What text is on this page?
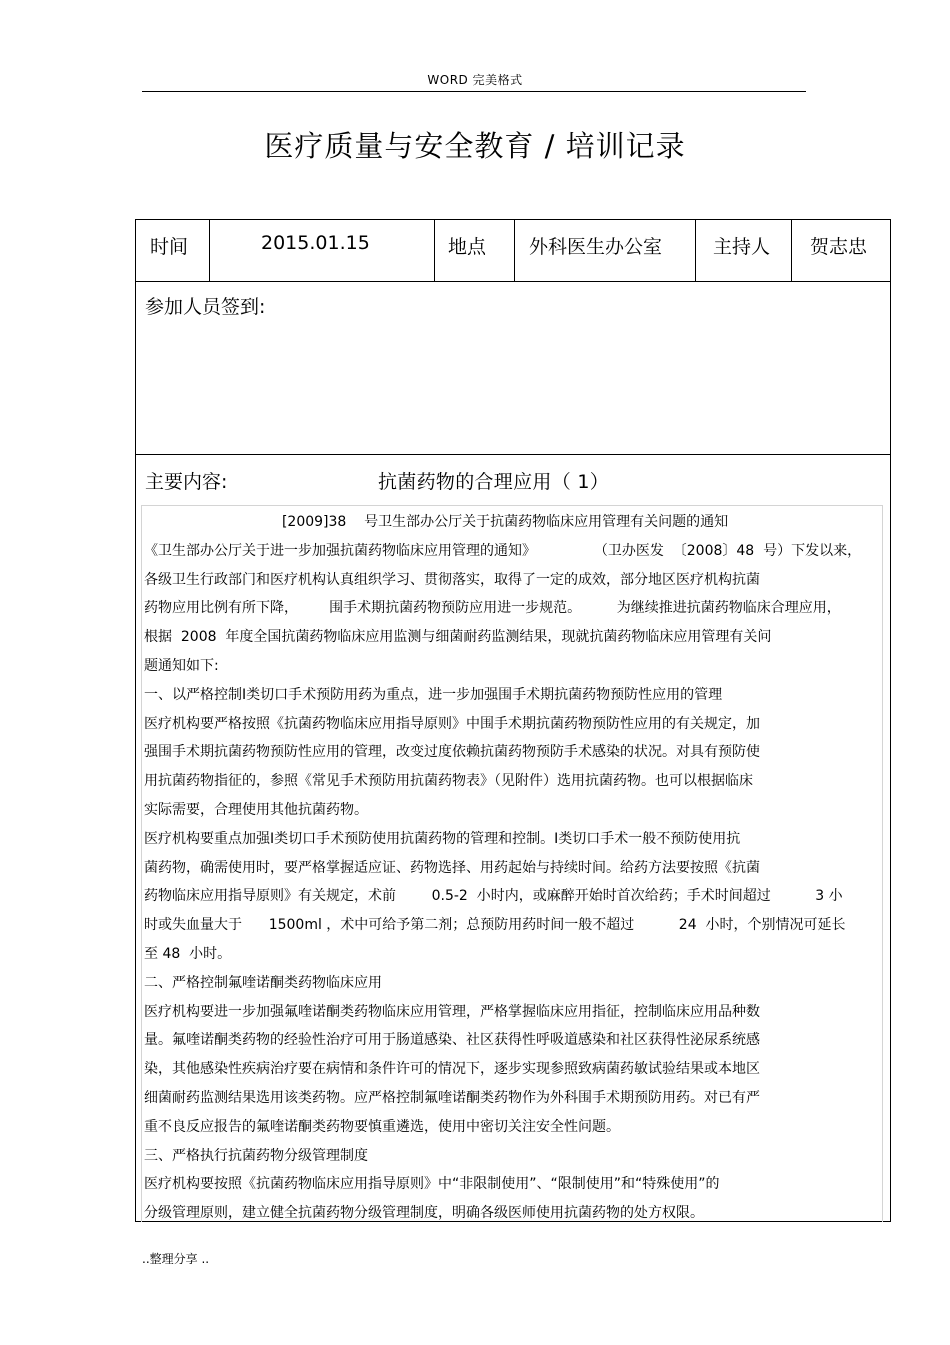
WORD 完美格式
医疗质量与安全教育 / 培训记录
时间	2015.01.15	地点 外科医生办公室	主持人 贺志忠
参加人员签到:
主要内容:	抗菌药物的合理应用（ 1）
[2009]38    号卫生部办公厅关于抗菌药物临床应用管理有关问题的通知
《卫生部办公厅关于进一步加强抗菌药物临床应用管理的通知》             （卫办医发  〔2008〕48  号）下发以来，
各级卫生行政部门和医疗机构认真组织学习、贯彻落实，取得了一定的成效，部分地区医疗机构抗菌
药物应用比例有所下降，       围手术期抗菌药物预防应用进一步规范。        为继续推进抗菌药物临床合理应用，
根据  2008  年度全国抗菌药物临床应用监测与细菌耐药监测结果，现就抗菌药物临床应用管理有关问
题通知如下:
一、以严格控制Ⅰ类切口手术预防用药为重点，进一步加强围手术期抗菌药物预防性应用的管理
医疗机构要严格按照《抗菌药物临床应用指导原则》中围手术期抗菌药物预防性应用的有关规定，加
强围手术期抗菌药物预防性应用的管理，改变过度依赖抗菌药物预防手术感染的状况。对具有预防使
用抗菌药物指征的，参照《常见手术预防用抗菌药物表》（见附件）选用抗菌药物。也可以根据临床
实际需要，合理使用其他抗菌药物。
医疗机构要重点加强Ⅰ类切口手术预防使用抗菌药物的管理和控制。Ⅰ类切口手术一般不预防使用抗
菌药物，确需使用时，要严格掌握适应证、药物选择、用药起始与持续时间。给药方法要按照《抗菌
药物临床应用指导原则》有关规定，术前        0.5-2  小时内，或麻醉开始时首次给药；手术时间超过          3 小
时或失血量大于      1500ml ，术中可给予第二剂；总预防用药时间一般不超过          24  小时，个别情况可延长
至 48  小时。
二、严格控制氟喹诺酮类药物临床应用
医疗机构要进一步加强氟喹诺酮类药物临床应用管理，严格掌握临床应用指征，控制临床应用品种数
量。氟喹诺酮类药物的经验性治疗可用于肠道感染、社区获得性呼吸道感染和社区获得性泌尿系统感
染，其他感染性疾病治疗要在病情和条件许可的情况下，逐步实现参照致病菌药敏试验结果或本地区
细菌耐药监测结果选用该类药物。应严格控制氟喹诺酮类药物作为外科围手术期预防用药。对已有严
重不良反应报告的氟喹诺酮类药物要慎重遴选，使用中密切关注安全性问题。
三、严格执行抗菌药物分级管理制度
医疗机构要按照《抗菌药物临床应用指导原则》中“非限制使用”、“限制使用”和“特殊使用”的
分级管理原则，建立健全抗菌药物分级管理制度，明确各级医师使用抗菌药物的处方权限。
..整理分享 ..
